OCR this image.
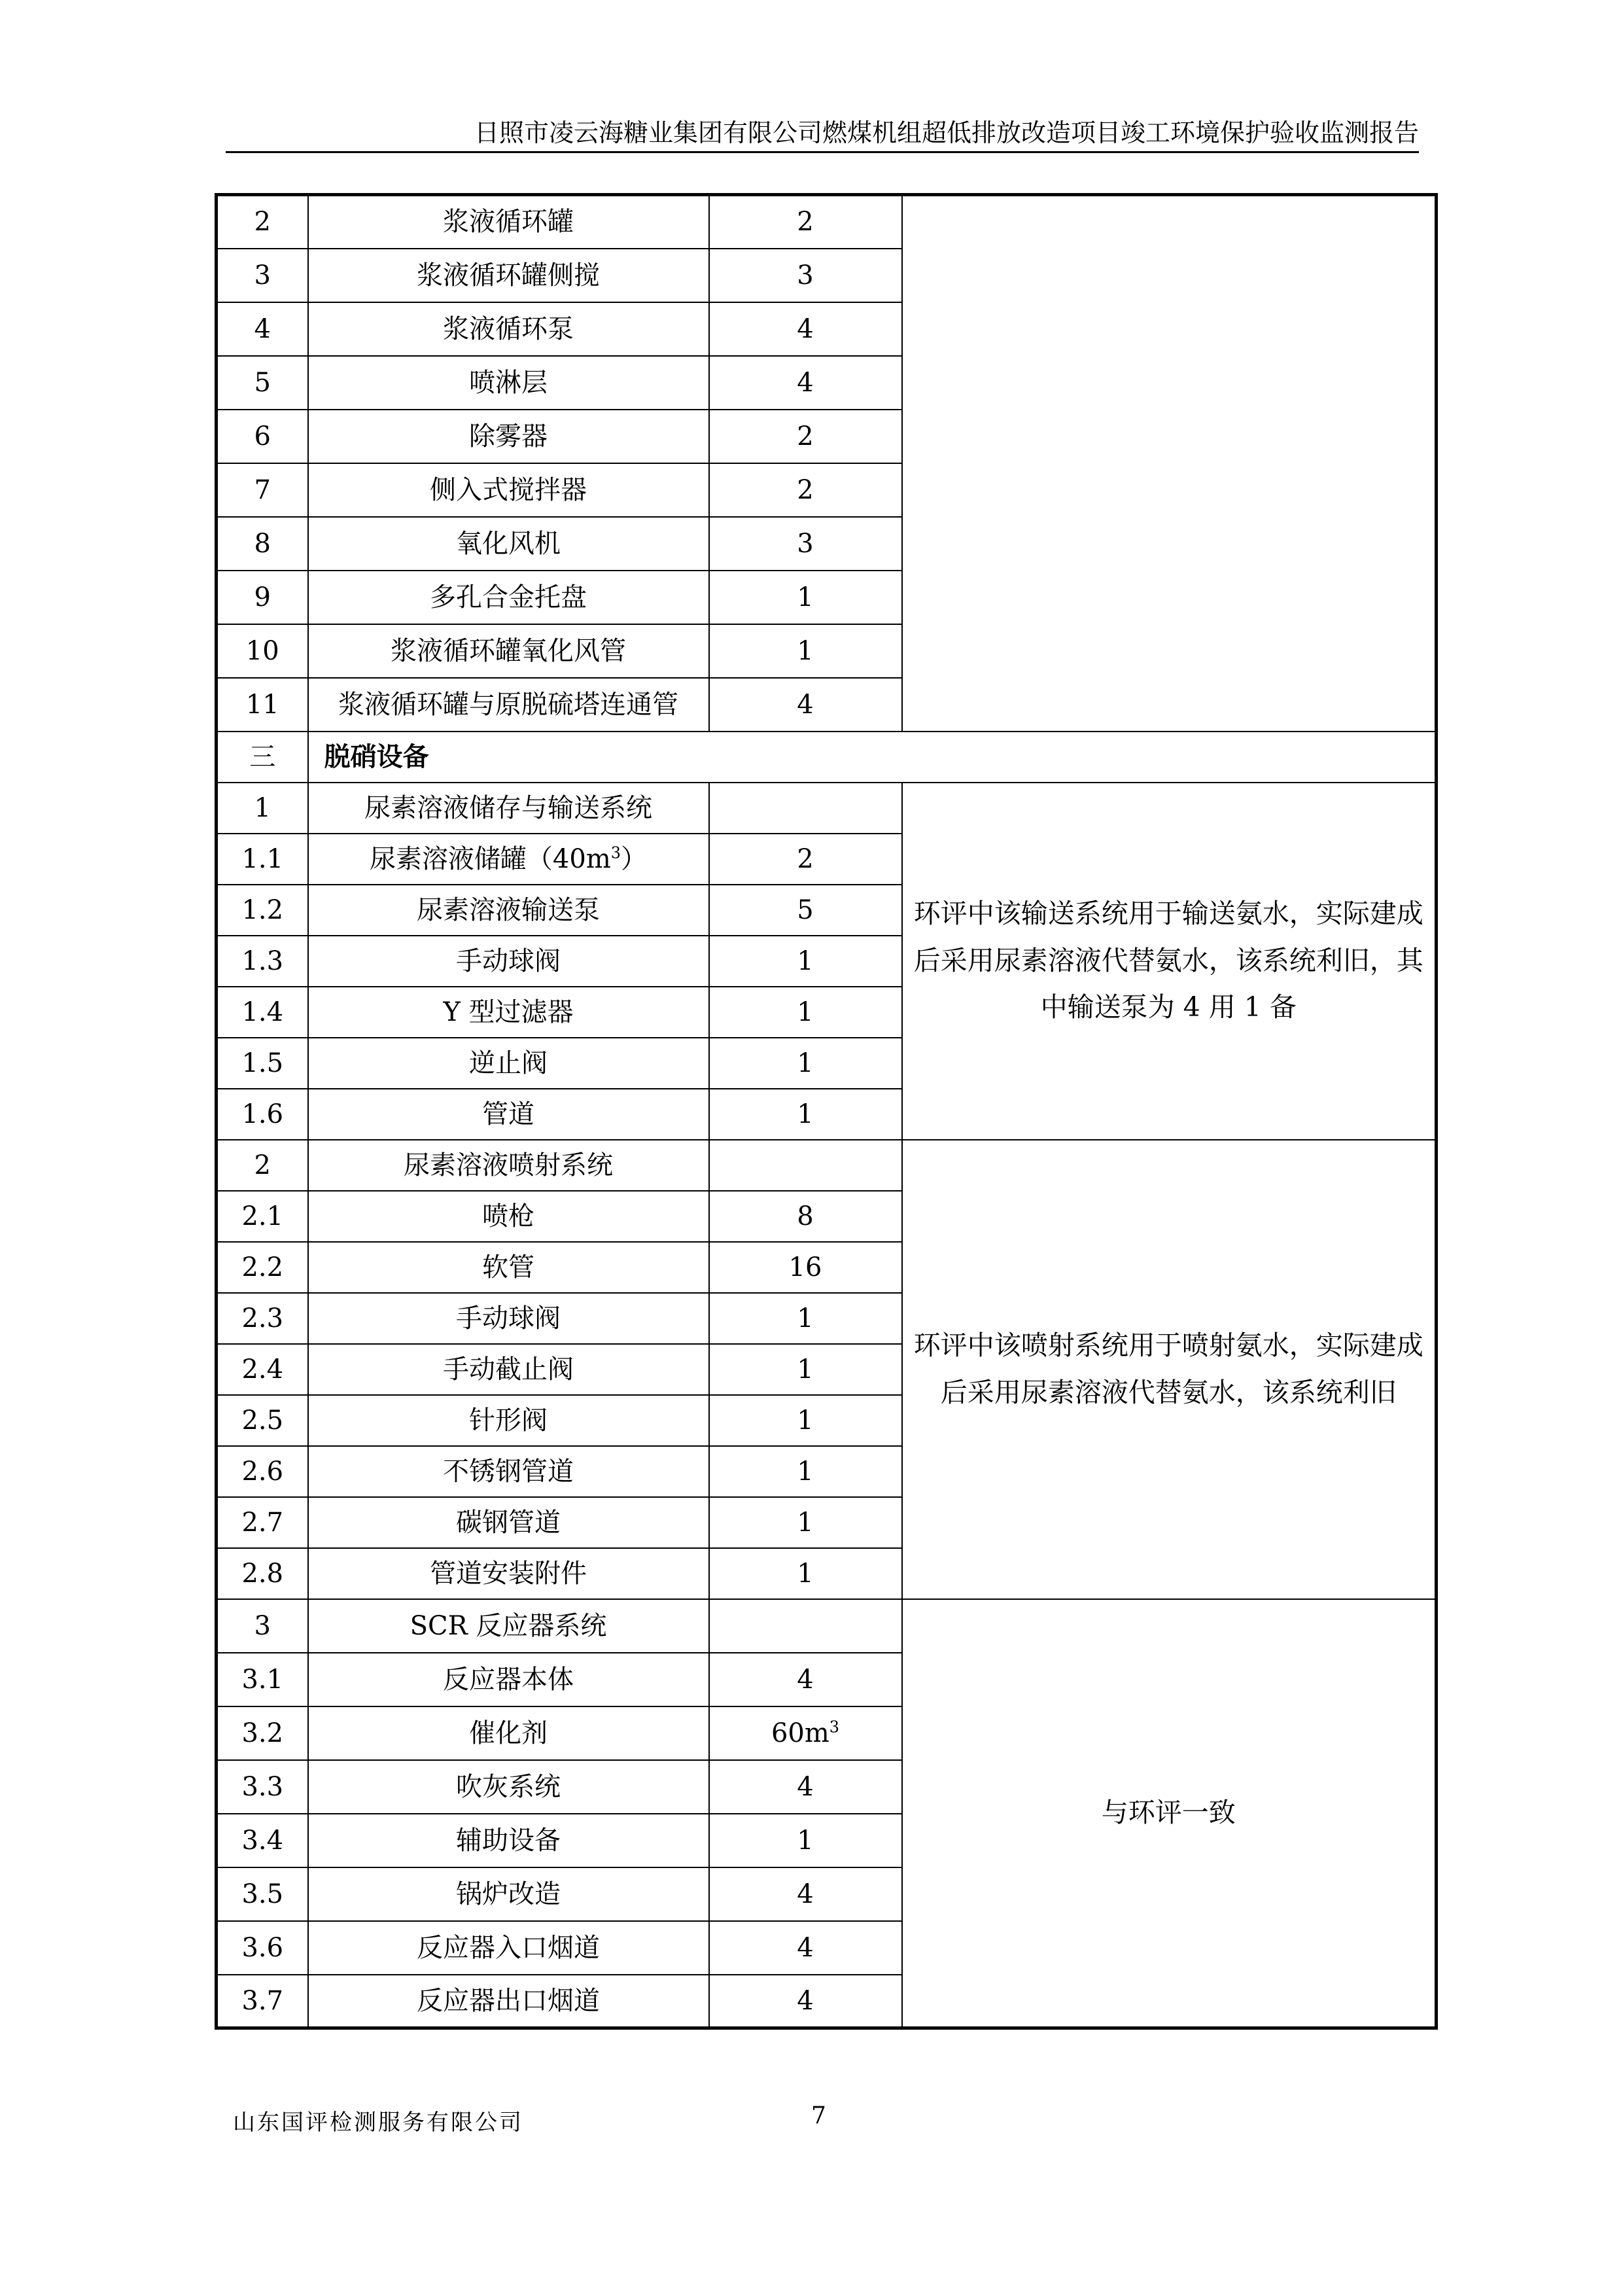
日照市凌云海糖业集团有限公司燃煤机组超低排放改造项目竣工环境保护验收监测报告
2	浆液循环罐	2	
3	浆液循环罐侧搅	3	
4	浆液循环泵	4	
5	喷淋层	4	
6	除雾器	2	
7	侧入式搅拌器	2	
8	氧化风机	3	
9	多孔合金托盘	1	
10	浆液循环罐氧化风管	1	
11	浆液循环罐与原脱硫塔连通管	4	
三	脱硝设备		
1	尿素溶液储存与输送系统		环评中该输送系统用于输送氨水，实际建成后采用尿素溶液代替氨水，该系统利旧，其中输送泵为 4 用 1 备
1.1	尿素溶液储罐$(40m^3)$	2	
1.2	尿素溶液输送泵	5	
1.3	手动球阀	1	
1.4	Y 型过滤器	1	
1.5	逆止阀	1	
1.6	管道	1	
2	尿素溶液喷射系统		环评中该喷射系统用于喷射氨水，实际建成后采用尿素溶液代替氨水，该系统利旧
2.1	喷枪	8	
2.2	软管	16	
2.3	手动球阀	1	
2.4	手动截止阀	1	
2.5	针形阀	1	
2.6	不锈钢管道	1	
2.7	碳钢管道	1	
2.8	管道安装附件	1	
3	SCR 反应器系统		与环评一致
3.1	反应器本体	4	
3.2	催化剂	$60m^3$
3.3	吹灰系统	4	
3.4	辅助设备	1	
3.5	锅炉改造	4	
3.6	反应器入口烟道	4	
3.7	反应器出口烟道	4	
山东国评检测服务有限公司	7
